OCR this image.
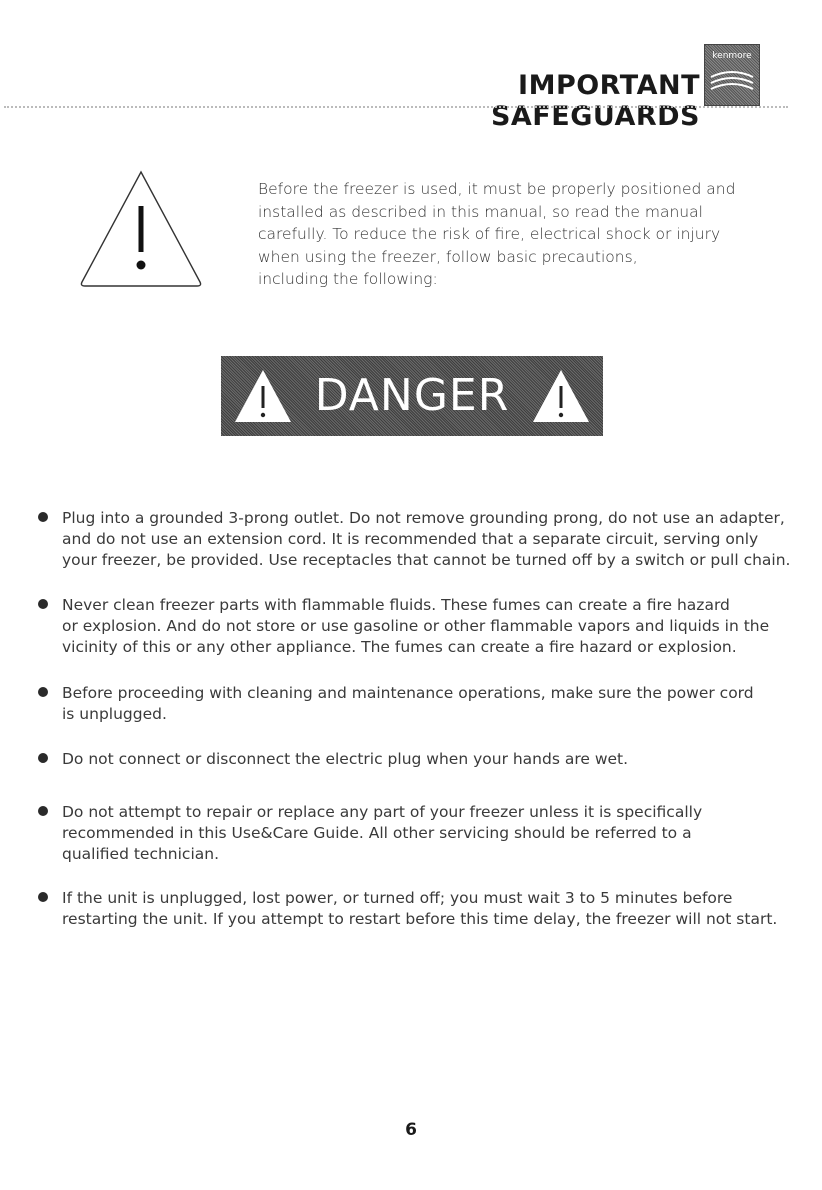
IMPORTANT SAFEGUARDS
kenmore
Before the freezer is used, it must be properly positioned and
installed as described in this manual, so read the manual
carefully. To reduce the risk of fire, electrical shock or injury
when using the freezer, follow basic precautions,
including the following:
DANGER
Plug into a grounded 3-prong outlet. Do not remove grounding prong, do not use an adapter,
and do not use an extension cord. It is recommended that a separate circuit, serving only
your freezer, be provided. Use receptacles that cannot be turned off by a switch or pull chain.
Never clean freezer parts with flammable fluids. These fumes can create a fire hazard
or explosion. And do not store or use gasoline or other flammable vapors and liquids in the
vicinity of this or any other appliance. The fumes can create a fire hazard or explosion.
Before proceeding with cleaning and maintenance operations, make sure the power cord
is unplugged.
Do not connect or disconnect the electric plug when your hands are wet.
Do not attempt to repair or replace any part of your freezer unless it is specifically
recommended in this Use&Care Guide. All other servicing should be referred to a
qualified technician.
If the unit is unplugged, lost power, or turned off; you must wait 3 to 5 minutes before
restarting the unit. If you attempt to restart before this time delay, the freezer will not start.
6
